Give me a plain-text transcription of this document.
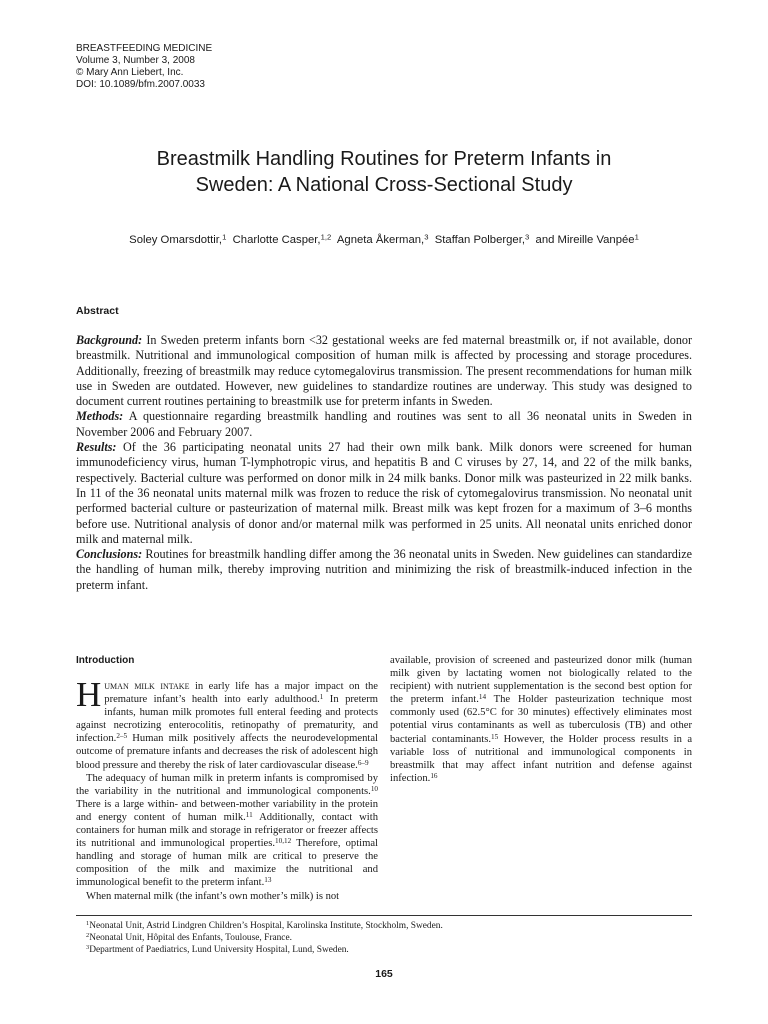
BREASTFEEDING MEDICINE
Volume 3, Number 3, 2008
© Mary Ann Liebert, Inc.
DOI: 10.1089/bfm.2007.0033
Breastmilk Handling Routines for Preterm Infants in
Sweden: A National Cross-Sectional Study
Soley Omarsdottir,$^1$ Charlotte Casper,$^{1,2}$ Agneta Åkerman,$^3$ Staffan Polberger,$^3$ and Mireille Vanpée$^1$
Abstract

Background: In Sweden preterm infants born <32 gestational weeks are fed maternal breastmilk or, if not available, donor breastmilk. Nutritional and immunological composition of human milk is affected by processing and storage procedures. Additionally, freezing of breastmilk may reduce cytomegalovirus transmission. The present recommendations for human milk use in Sweden are outdated. However, new guidelines to standardize routines are underway. This study was designed to document current routines pertaining to breastmilk use for preterm infants in Sweden.

Methods: A questionnaire regarding breastmilk handling and routines was sent to all 36 neonatal units in Sweden in November 2006 and February 2007.

Results: Of the 36 participating neonatal units 27 had their own milk bank. Milk donors were screened for human immunodeficiency virus, human T-lymphotropic virus, and hepatitis B and C viruses by 27, 14, and 22 of the milk banks, respectively. Bacterial culture was performed on donor milk in 24 milk banks. Donor milk was pasteurized in 22 milk banks. In 11 of the 36 neonatal units maternal milk was frozen to reduce the risk of cytomegalovirus transmission. No neonatal unit performed bacterial culture or pasteurization of maternal milk. Breast milk was kept frozen for a maximum of 3–6 months before use. Nutritional analysis of donor and/or maternal milk was performed in 25 units. All neonatal units enriched donor milk and maternal milk.

Conclusions: Routines for breastmilk handling differ among the 36 neonatal units in Sweden. New guidelines can standardize the handling of human milk, thereby improving nutrition and minimizing the risk of breastmilk-induced infection in the preterm infant.

Introduction

Human milk intake in early life has a major impact on the premature infant’s health into early adulthood.$^1$ In preterm infants, human milk promotes full enteral feeding and protects against necrotizing enterocolitis, retinopathy of prematurity, and infection.$^{2-5}$ Human milk positively affects the neurodevelopmental outcome of premature infants and decreases the risk of adolescent high blood pressure and thereby the risk of later cardiovascular disease.$^{6-9}$

The adequacy of human milk in preterm infants is compromised by the variability in the nutritional and immunological components.$^{10}$ There is a large within- and between-mother variability in the protein and energy content of human milk.$^{11}$ Additionally, contact with containers for human milk and storage in refrigerator or freezer affects its nutritional and immunological properties.$^{10,12}$ Therefore, optimal handling and storage of human milk are critical to preserve the composition of the milk and maximize the nutritional and immunological benefit to the preterm infant.$^{13}$

When maternal milk (the infant’s own mother’s milk) is not

available, provision of screened and pasteurized donor milk (human milk given by lactating women not biologically related to the recipient) with nutrient supplementation is the second best option for the preterm infant.$^{14}$ The Holder pasteurization technique most commonly used (62.5°C for 30 minutes) effectively eliminates most potential virus contaminants as well as tuberculosis (TB) and other bacterial contaminants.$^{15}$ However, the Holder process results in a variable loss of nutritional and immunological components in breastmilk that may affect infant nutrition and defense against infection.$^{16}$

$^1$Neonatal Unit, Astrid Lindgren Children’s Hospital, Karolinska Institute, Stockholm, Sweden.
$^2$Neonatal Unit, Hôpital des Enfants, Toulouse, France.
$^3$Department of Paediatrics, Lund University Hospital, Lund, Sweden.
165
